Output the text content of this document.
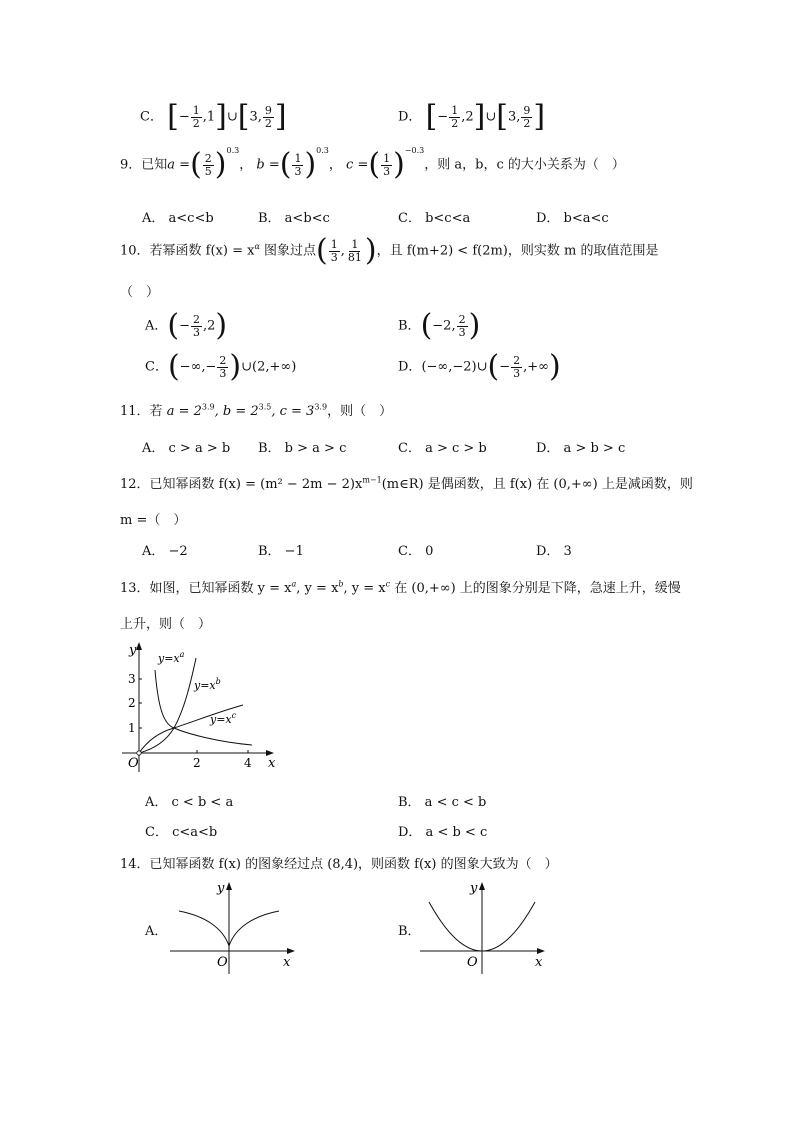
C． [− $\frac{1}{2}$ ,1]∪[3, $\frac{9}{2}$ ]	D． [− $\frac{1}{2}$ ,2]∪[3, $\frac{9}{2}$ ]
9．已知a =( $\frac{2}{5} )^{0.3}$， b =( $\frac{1}{3} )^{0.3}$， c =( $\frac{1}{3} )^{-0.3}$，则 a，b，c 的大小关系为（　）
A． a<c<b	B． a<b<c	C． b<c<a	D． b<a<c
10．若幂函数 $f(x) = x^\alpha$ 图象过点( $\frac{1}{3}$ , $\frac{1}{81}$ )，且 f(m+2) < f(2m)，则实数 m 的取值范围是
（　）
A．(− $\frac{2}{3} ,2$)	B．(−2, $\frac{2}{3}$ )
C．(−∞,− $\frac{2}{3}$ )∪(2,+∞)	D．(−∞,−2)∪(− $\frac{2}{3}$ ,+∞)
11．若 $a = 2^{3.9}$, $b = 2^{3.5}$, $c = 3^{3.9}$，则（　）
A． c > a > b B． b > a > c	C． a > c > b	D． a > b > c
12．已知幂函数 $f(x) = (m^2 - 2m - 2)x^{m-1}(m\in R)$ 是偶函数，且 f(x) 在 (0,+∞) 上是减函数，则
m =（　）
A． −2	B． −1	C． 0	D． 3
13．如图，已知幂函数 $y = x^a$, $y = x^b$, $y = x^c$ 在 (0,+∞) 上的图象分别是下降，急速上升，缓慢
上升，则（　）
y
x
O
1
2
3
2	4
$y=x^a$
$y=x^b$
$y=x^c$
A． c < b < a	B． a < c < b
C． c<a<b	D． a < b < c
14．已知幂函数 f(x) 的图象经过点 (8,4)，则函数 f(x) 的图象大致为（　）
A．
y
x
O
B．
y
x
O
